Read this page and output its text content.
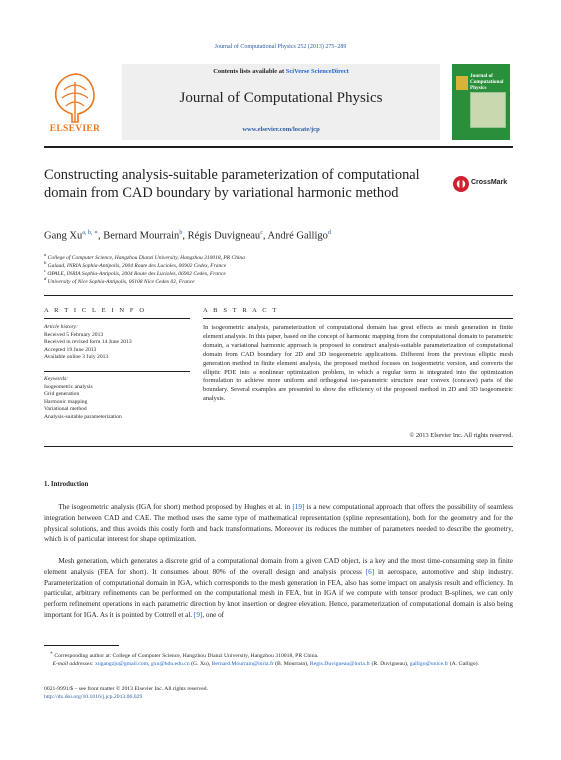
Journal of Computational Physics 252 (2013) 275–289
ELSEVIER
Contents lists available at SciVerse ScienceDirect
Journal of Computational Physics
www.elsevier.com/locate/jcp
Journal of Computational Physics
Constructing analysis-suitable parameterization of computational domain from CAD boundary by variational harmonic method
CrossMark
Gang $Xu^{a, b, ∗}$, Bernard Mourrain$^b$, Régis Duvigneau$^c$, André Galligo$^d$
$^a$ College of Computer Science, Hangzhou Dianzi University, Hangzhou 310018, PR China
$^b$ Galaad, INRIA Sophia-Antipolis, 2004 Route des Lucioles, 06902 Cedex, France
$^c$ OPALE, INRIA Sophia-Antipolis, 2004 Route des Lucioles, 06902 Cedex, France
$^d$ University of Nice Sophia-Antipolis, 06108 Nice Cedex 02, France
A R T I C L E I N F O
Article history:
Received 5 February 2013
Received in revised form 14 June 2013
Accepted 19 June 2013
Available online 3 July 2013
Keywords:
Isogeometric analysis
Grid generation
Harmonic mapping
Variational method
Analysis-suitable parameterization
A B S T R A C T
In isogeometric analysis, parameterization of computational domain has great effects as mesh generation in finite element analysis. In this paper, based on the concept of harmonic mapping from the computational domain to parametric domain, a variational harmonic approach is proposed to construct analysis-suitable parameterization of computational domain from CAD boundary for 2D and 3D isogeometric applications. Different from the previous elliptic mesh generation method in finite element analysis, the proposed method focuses on isogeometric version, and converts the elliptic PDE into a nonlinear optimization problem, in which a regular term is integrated into the optimization formulation to achieve more uniform and orthogonal iso-parametric structure near convex (concave) parts of the boundary. Several examples are presented to show the efficiency of the proposed method in 2D and 3D isogeometric analysis.
© 2013 Elsevier Inc. All rights reserved.
1. Introduction
  The isogeometric analysis (IGA for short) method proposed by Hughes et al. in [19] is a new computational approach that offers the possibility of seamless integration between CAD and CAE. The method uses the same type of mathematical representation (spline representation), both for the geometry and for the physical solutions, and thus avoids this costly forth and back transformations. Moreover its reduces the number of parameters needed to describe the geometry, which is of particular interest for shape optimization.
  Mesh generation, which generates a discrete grid of a computational domain from a given CAD object, is a key and the most time-consuming step in finite element analysis (FEA for short). It consumes about 80% of the overall design and analysis process [6] in aerospace, automotive and ship industry. Parameterization of computational domain in IGA, which corresponds to the mesh generation in FEA, also has some impact on analysis result and efficiency. In particular, arbitrary refinements can be performed on the computational mesh in FEA, but in IGA if we compute with tensor product B-splines, we can only perform refinement operations in each parametric direction by knot insertion or degree elevation. Hence, parameterization of computational domain is also being important for IGA. As it is pointed by Cottrell et al. [9], one of
 ∗ Corresponding author at: College of Computer Science, Hangzhou Dianzi University, Hangzhou 310018, PR China.
  E-mail addresses: xugangzju@gmail.com, gxu@hdu.edu.cn (G. Xu), Bernard.Mourrain@inria.fr (B. Mourrain), Regis.Duvigneau@inria.fr (R. Duvigneau), galligo@unice.fr (A. Galligo).
0021-9991/$ – see front matter © 2013 Elsevier Inc. All rights reserved.
http://dx.doi.org/10.1016/j.jcp.2013.06.029
